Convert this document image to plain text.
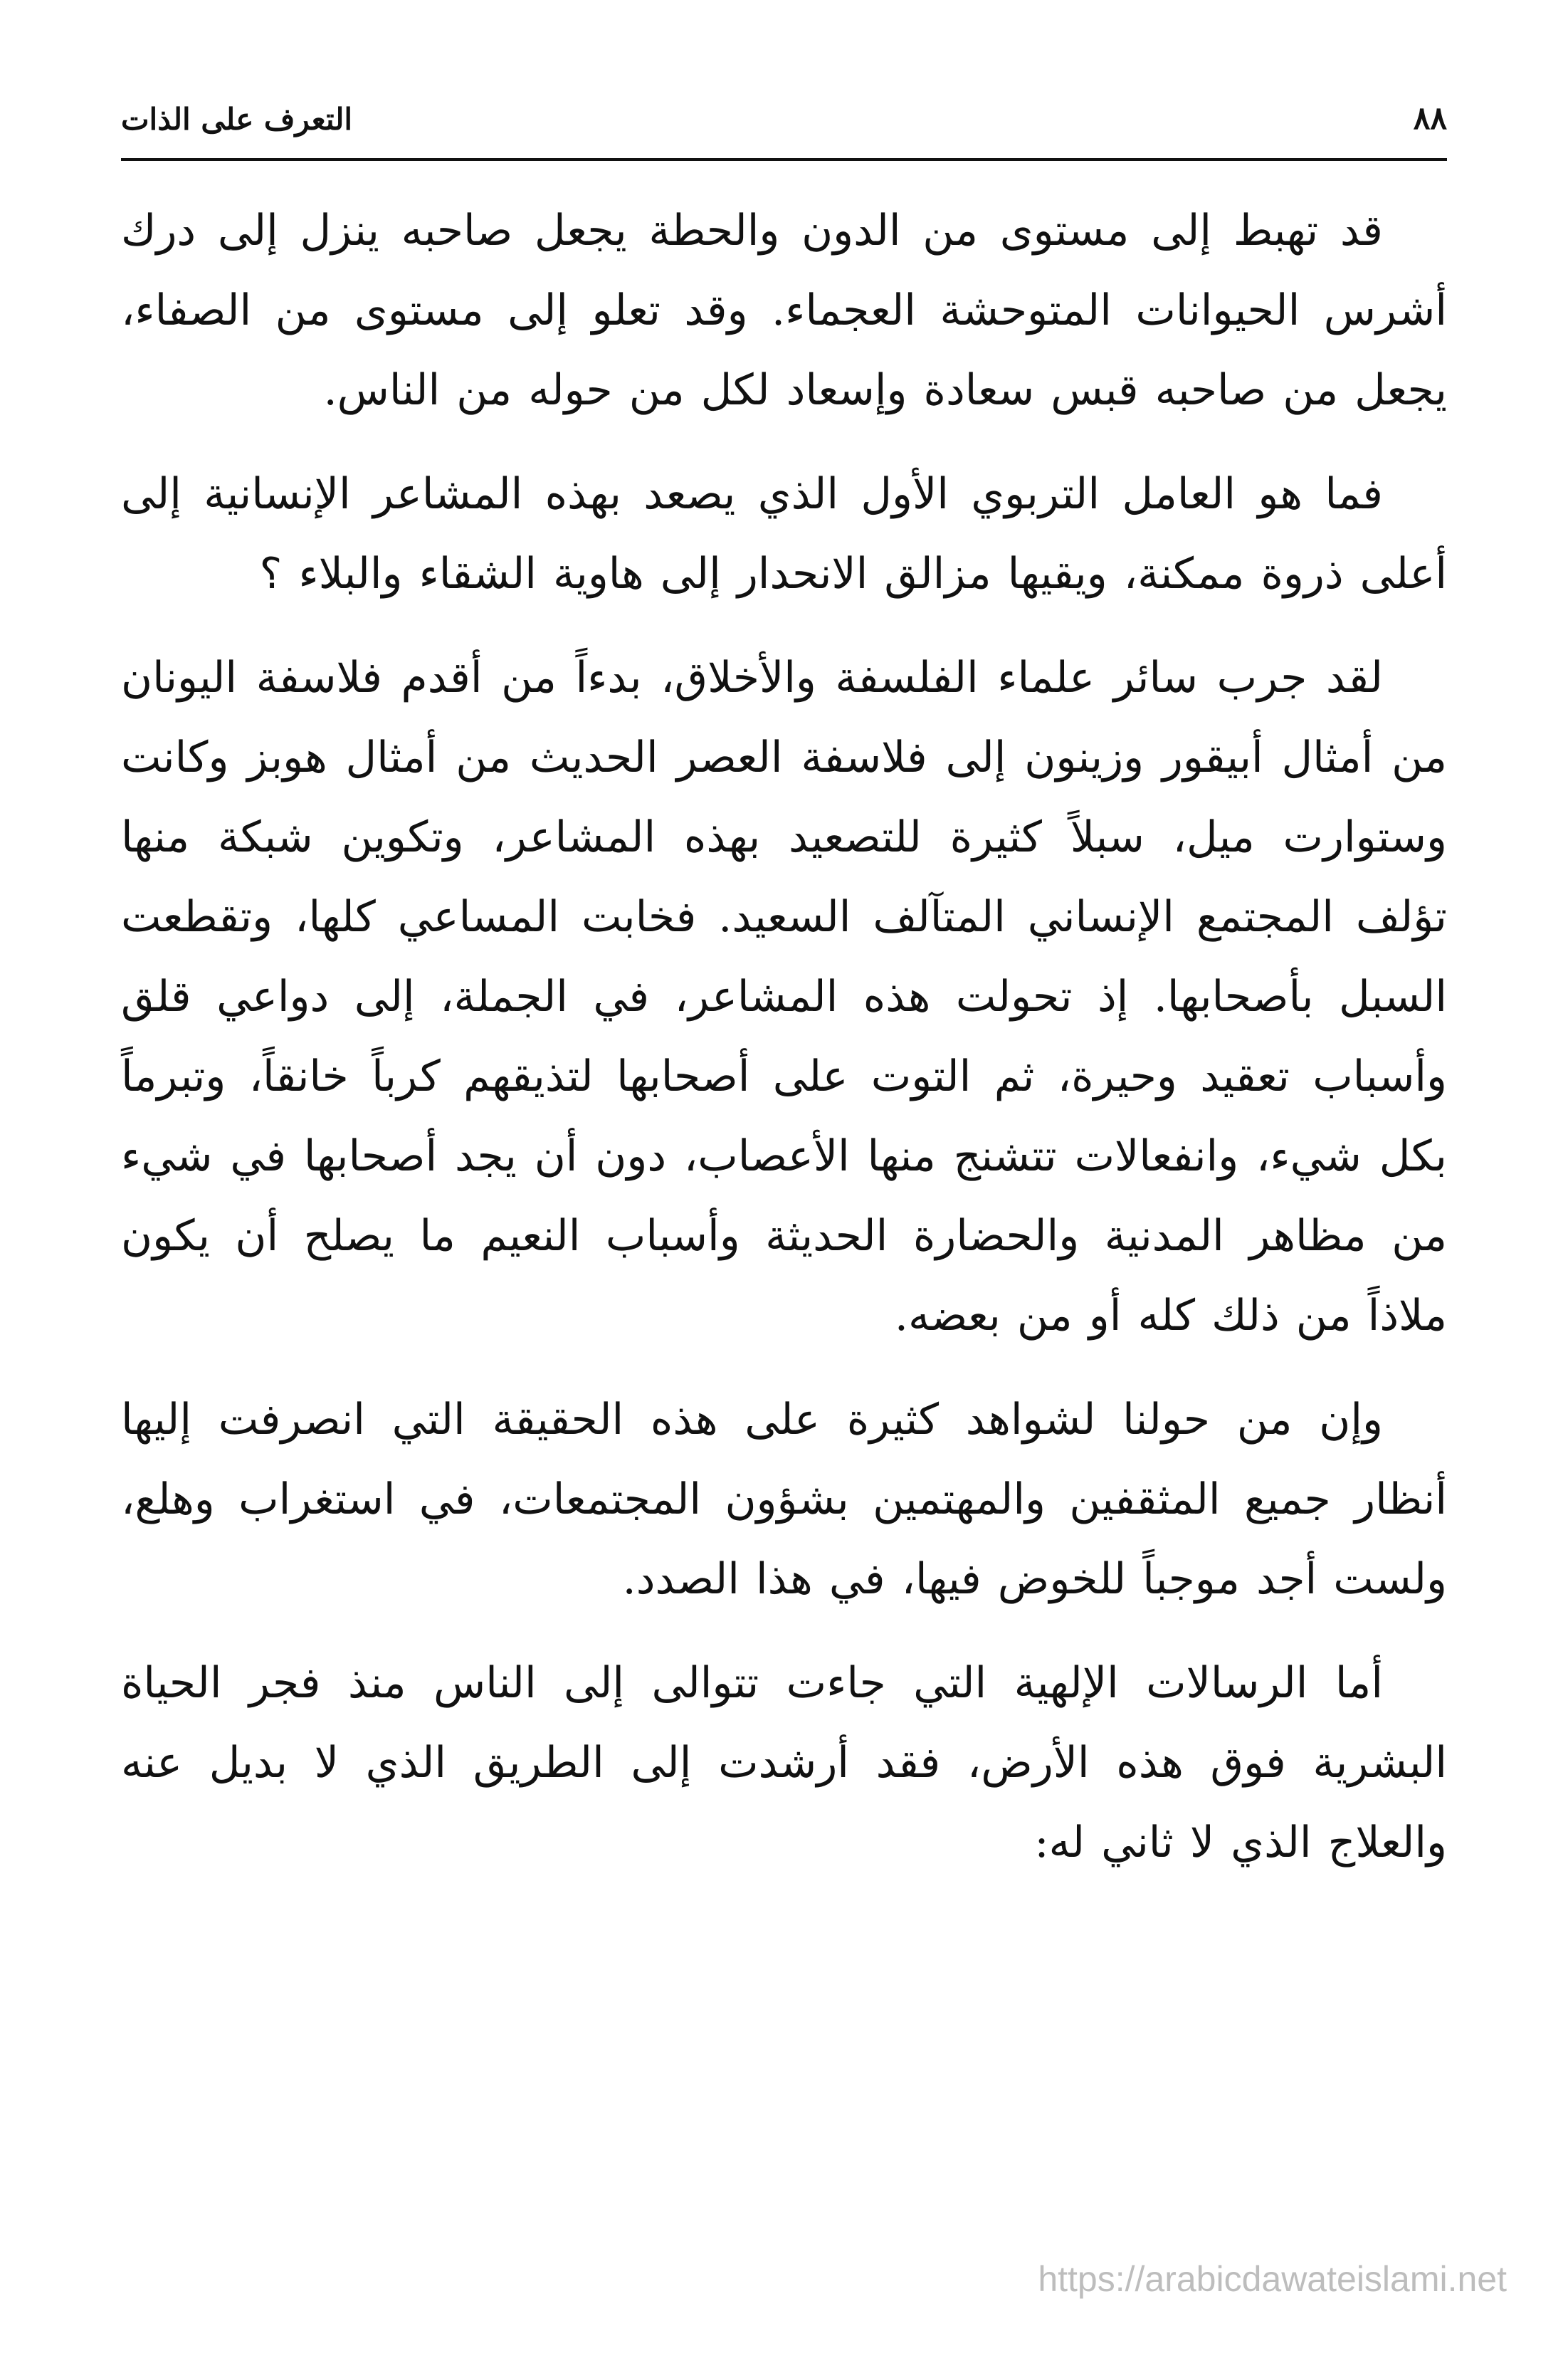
٨٨
التعرف على الذات

قد تهبط إلى مستوى من الدون والحطة يجعل صاحبه ينزل إلى درك أشرس الحيوانات المتوحشة العجماء. وقد تعلو إلى مستوى من الصفاء، يجعل من صاحبه قبس سعادة وإسعاد لكل من حوله من الناس.

فما هو العامل التربوي الأول الذي يصعد بهذه المشاعر الإنسانية إلى أعلى ذروة ممكنة، ويقيها مزالق الانحدار إلى هاوية الشقاء والبلاء ؟

لقد جرب سائر علماء الفلسفة والأخلاق، بدءاً من أقدم فلاسفة اليونان من أمثال أبيقور وزينون إلى فلاسفة العصر الحديث من أمثال هوبز وكانت وستوارت ميل، سبلاً كثيرة للتصعيد بهذه المشاعر، وتكوين شبكة منها تؤلف المجتمع الإنساني المتآلف السعيد. فخابت المساعي كلها، وتقطعت السبل بأصحابها. إذ تحولت هذه المشاعر، في الجملة، إلى دواعي قلق وأسباب تعقيد وحيرة، ثم التوت على أصحابها لتذيقهم كرباً خانقاً، وتبرماً بكل شيء، وانفعالات تتشنج منها الأعصاب، دون أن يجد أصحابها في شيء من مظاهر المدنية والحضارة الحديثة وأسباب النعيم ما يصلح أن يكون ملاذاً من ذلك كله أو من بعضه.

وإن من حولنا لشواهد كثيرة على هذه الحقيقة التي انصرفت إليها أنظار جميع المثقفين والمهتمين بشؤون المجتمعات، في استغراب وهلع، ولست أجد موجباً للخوض فيها، في هذا الصدد.

أما الرسالات الإلهية التي جاءت تتوالى إلى الناس منذ فجر الحياة البشرية فوق هذه الأرض، فقد أرشدت إلى الطريق الذي لا بديل عنه والعلاج الذي لا ثاني له:

https://arabicdawateislami.net
